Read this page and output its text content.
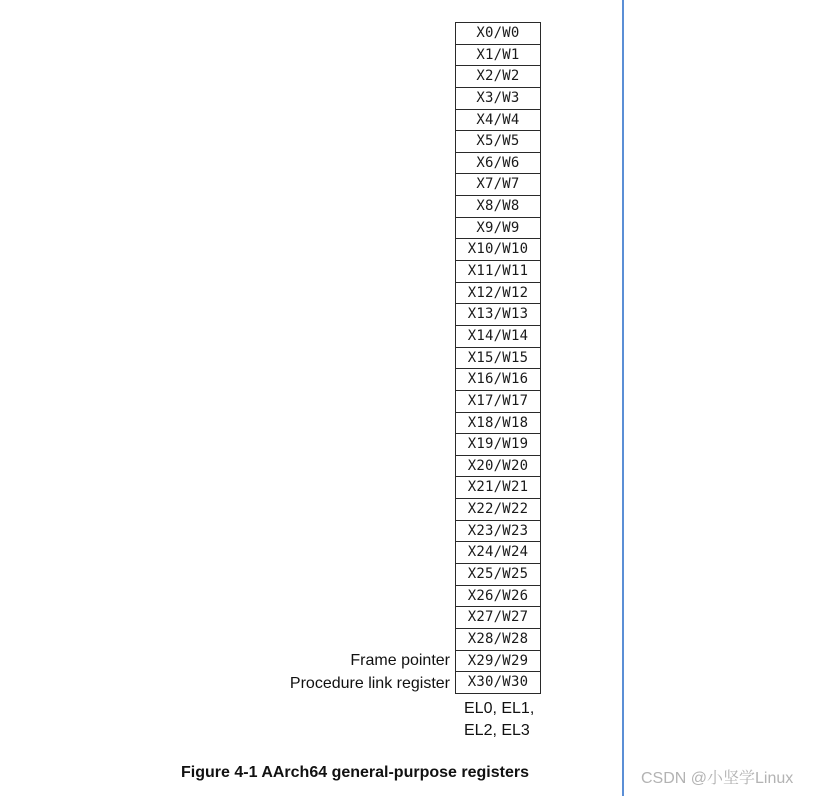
X0/W0
X1/W1
X2/W2
X3/W3
X4/W4
X5/W5
X6/W6
X7/W7
X8/W8
X9/W9
X10/W10
X11/W11
X12/W12
X13/W13
X14/W14
X15/W15
X16/W16
X17/W17
X18/W18
X19/W19
X20/W20
X21/W21
X22/W22
X23/W23
X24/W24
X25/W25
X26/W26
X27/W27
X28/W28
X29/W29
X30/W30
Frame pointer
Procedure link register
EL0, EL1,
EL2, EL3
Figure 4-1 AArch64 general-purpose registers	CSDN @小坚学Linux
